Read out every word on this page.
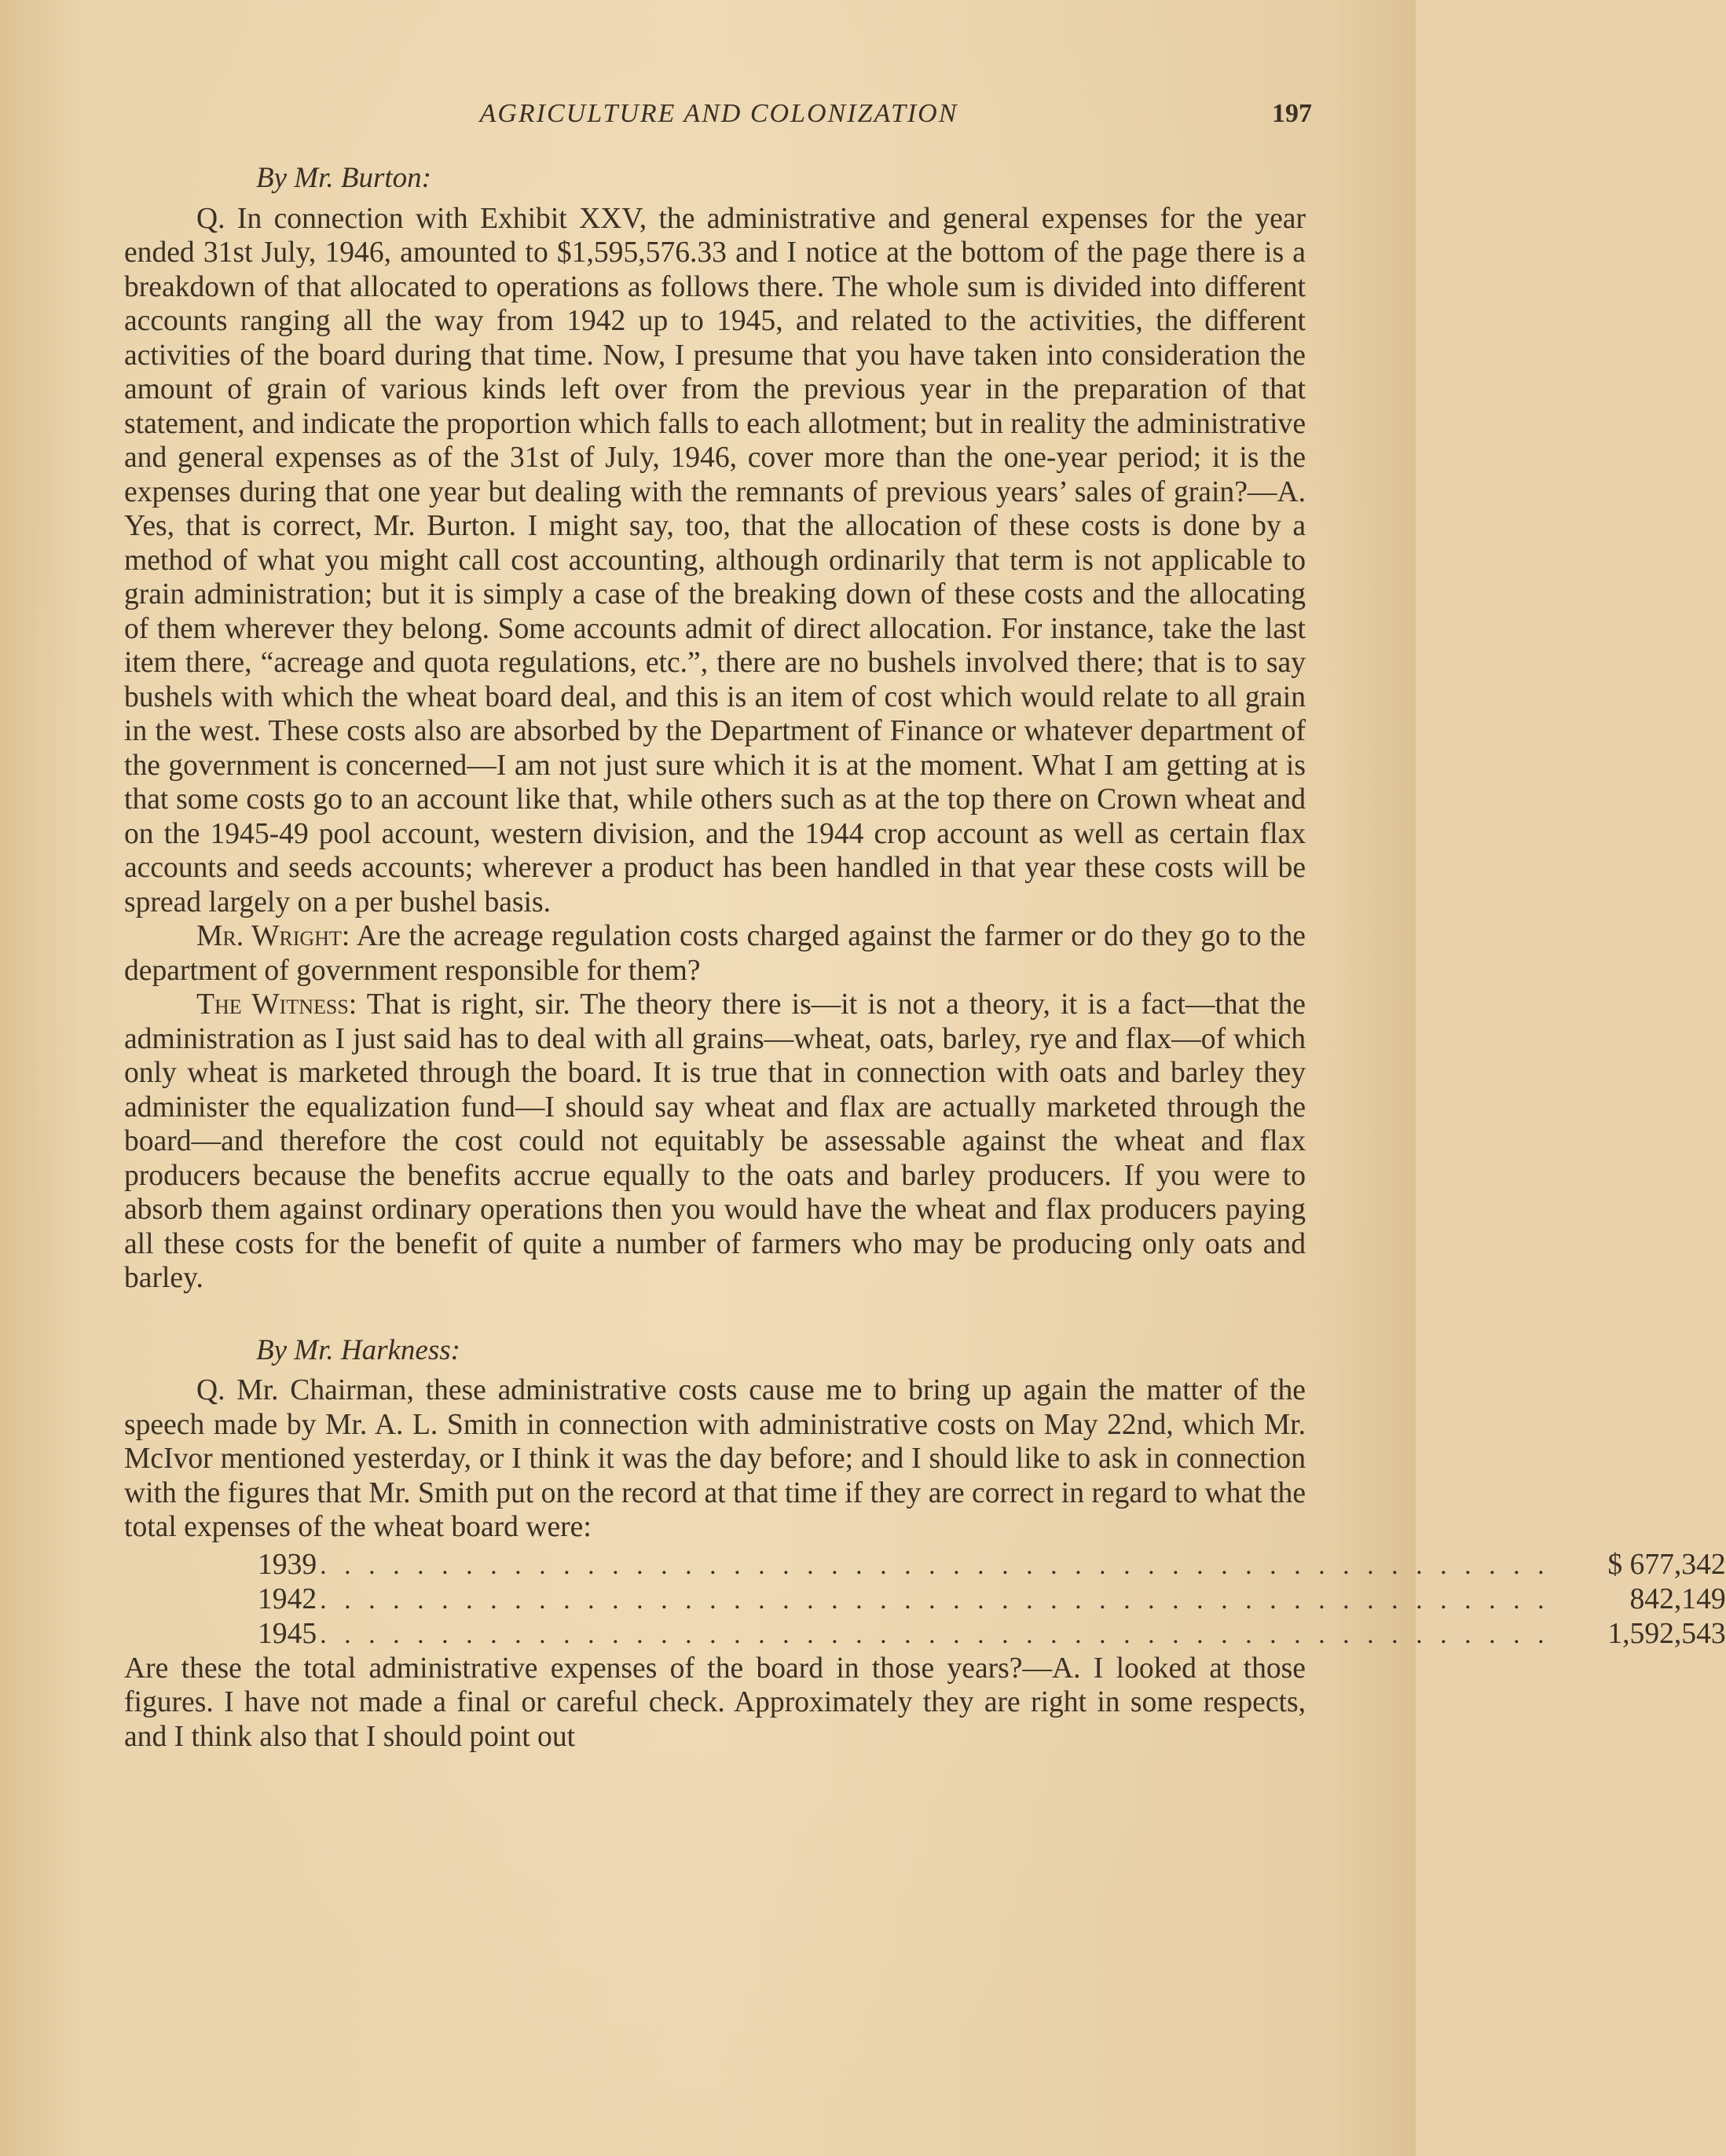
AGRICULTURE AND COLONIZATION	197
By Mr. Burton:

Q. In connection with Exhibit XXV, the administrative and general expenses for the year ended 31st July, 1946, amounted to $1,595,576.33 and I notice at the bottom of the page there is a breakdown of that allocated to operations as follows there. The whole sum is divided into different accounts ranging all the way from 1942 up to 1945, and related to the activities, the different activities of the board during that time. Now, I presume that you have taken into consideration the amount of grain of various kinds left over from the previous year in the preparation of that statement, and indicate the proportion which falls to each allotment; but in reality the administrative and general expenses as of the 31st of July, 1946, cover more than the one-year period; it is the expenses during that one year but dealing with the remnants of previous years’ sales of grain?—A. Yes, that is correct, Mr. Burton. I might say, too, that the allocation of these costs is done by a method of what you might call cost accounting, although ordinarily that term is not applicable to grain administration; but it is simply a case of the breaking down of these costs and the allocating of them wherever they belong. Some accounts admit of direct allocation. For instance, take the last item there, “acreage and quota regulations, etc.”, there are no bushels involved there; that is to say bushels with which the wheat board deal, and this is an item of cost which would relate to all grain in the west. These costs also are absorbed by the Department of Finance or whatever department of the government is concerned—I am not just sure which it is at the moment. What I am getting at is that some costs go to an account like that, while others such as at the top there on Crown wheat and on the 1945-49 pool account, western division, and the 1944 crop account as well as certain flax accounts and seeds accounts; wherever a product has been handled in that year these costs will be spread largely on a per bushel basis.

Mr. Wright: Are the acreage regulation costs charged against the farmer or do they go to the department of government responsible for them?

The Witness: That is right, sir. The theory there is—it is not a theory, it is a fact—that the administration as I just said has to deal with all grains—wheat, oats, barley, rye and flax—of which only wheat is marketed through the board. It is true that in connection with oats and barley they administer the equalization fund—I should say wheat and flax are actually marketed through the board—and therefore the cost could not equitably be assessable against the wheat and flax producers because the benefits accrue equally to the oats and barley producers. If you were to absorb them against ordinary operations then you would have the wheat and flax producers paying all these costs for the benefit of quite a number of farmers who may be producing only oats and barley.

By Mr. Harkness:

Q. Mr. Chairman, these administrative costs cause me to bring up again the matter of the speech made by Mr. A. L. Smith in connection with administrative costs on May 22nd, which Mr. McIvor mentioned yesterday, or I think it was the day before; and I should like to ask in connection with the figures that Mr. Smith put on the record at that time if they are correct in regard to what the total expenses of the wheat board were:

1939 . . . . . . . . . . . . . . . . . . . . . . . . . . . . . . . . . . . . . . . . . . . . . . . . . . .	$ 677,342
1942 . . . . . . . . . . . . . . . . . . . . . . . . . . . . . . . . . . . . . . . . . . . . . . . . . . .	842,149
1945 . . . . . . . . . . . . . . . . . . . . . . . . . . . . . . . . . . . . . . . . . . . . . . . . . . .	1,592,543

Are these the total administrative expenses of the board in those years?—A. I looked at those figures. I have not made a final or careful check. Approximately they are right in some respects, and I think also that I should point out
